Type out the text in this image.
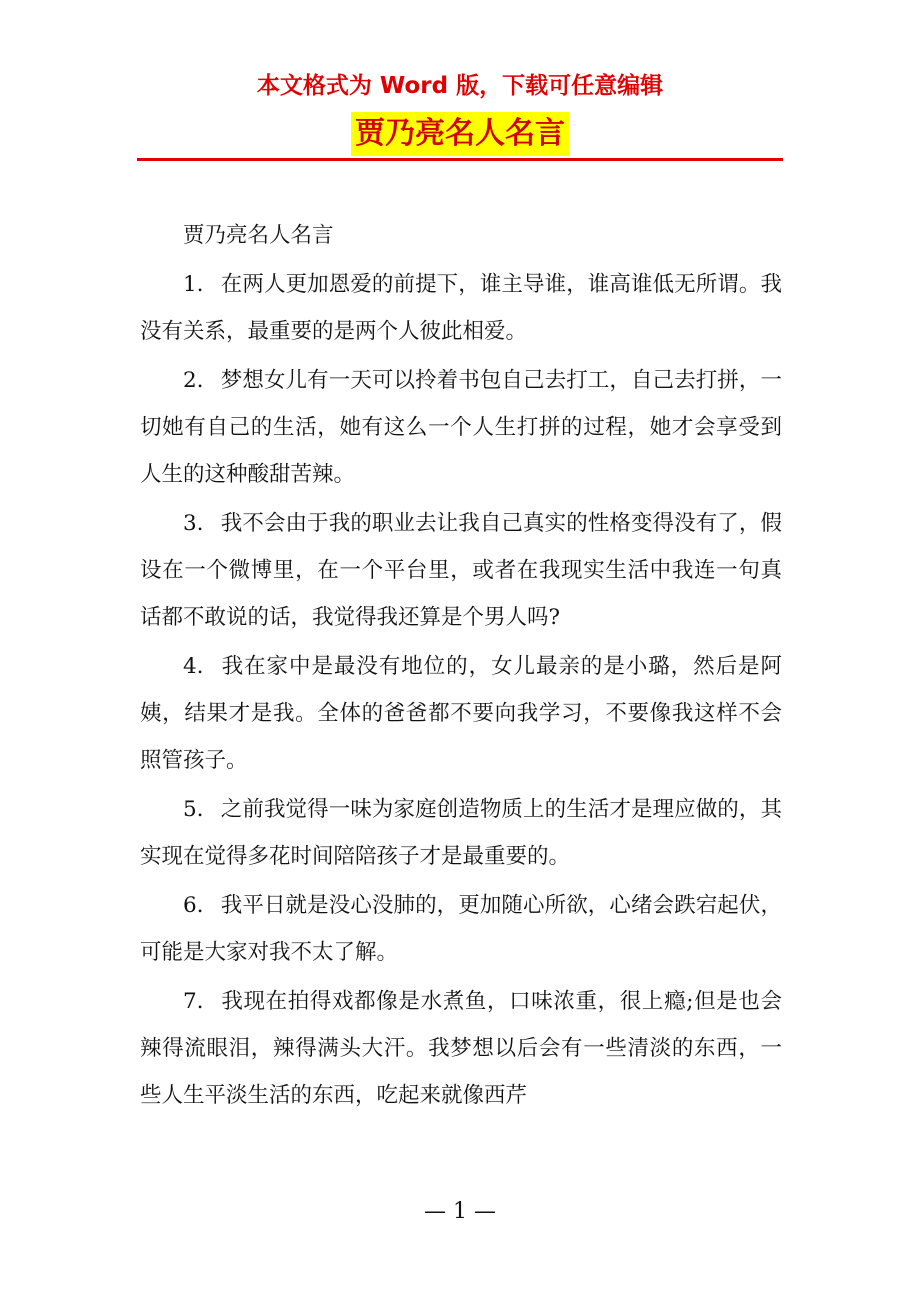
本文格式为 Word 版，下载可任意编辑
贾乃亮名人名言

贾乃亮名人名言

1. 在两人更加恩爱的前提下，谁主导谁，谁高谁低无所谓。我没有关系，最重要的是两个人彼此相爱。

2. 梦想女儿有一天可以拎着书包自己去打工，自己去打拼，一切她有自己的生活，她有这么一个人生打拼的过程，她才会享受到人生的这种酸甜苦辣。

3. 我不会由于我的职业去让我自己真实的性格变得没有了，假设在一个微博里，在一个平台里，或者在我现实生活中我连一句真话都不敢说的话，我觉得我还算是个男人吗?

4. 我在家中是最没有地位的，女儿最亲的是小璐，然后是阿姨，结果才是我。全体的爸爸都不要向我学习，不要像我这样不会照管孩子。

5. 之前我觉得一味为家庭创造物质上的生活才是理应做的，其实现在觉得多花时间陪陪孩子才是最重要的。

6. 我平日就是没心没肺的，更加随心所欲，心绪会跌宕起伏，可能是大家对我不太了解。

7. 我现在拍得戏都像是水煮鱼，口味浓重，很上瘾;但是也会辣得流眼泪，辣得满头大汗。我梦想以后会有一些清淡的东西，一些人生平淡生活的东西，吃起来就像西芹

— 1 —
